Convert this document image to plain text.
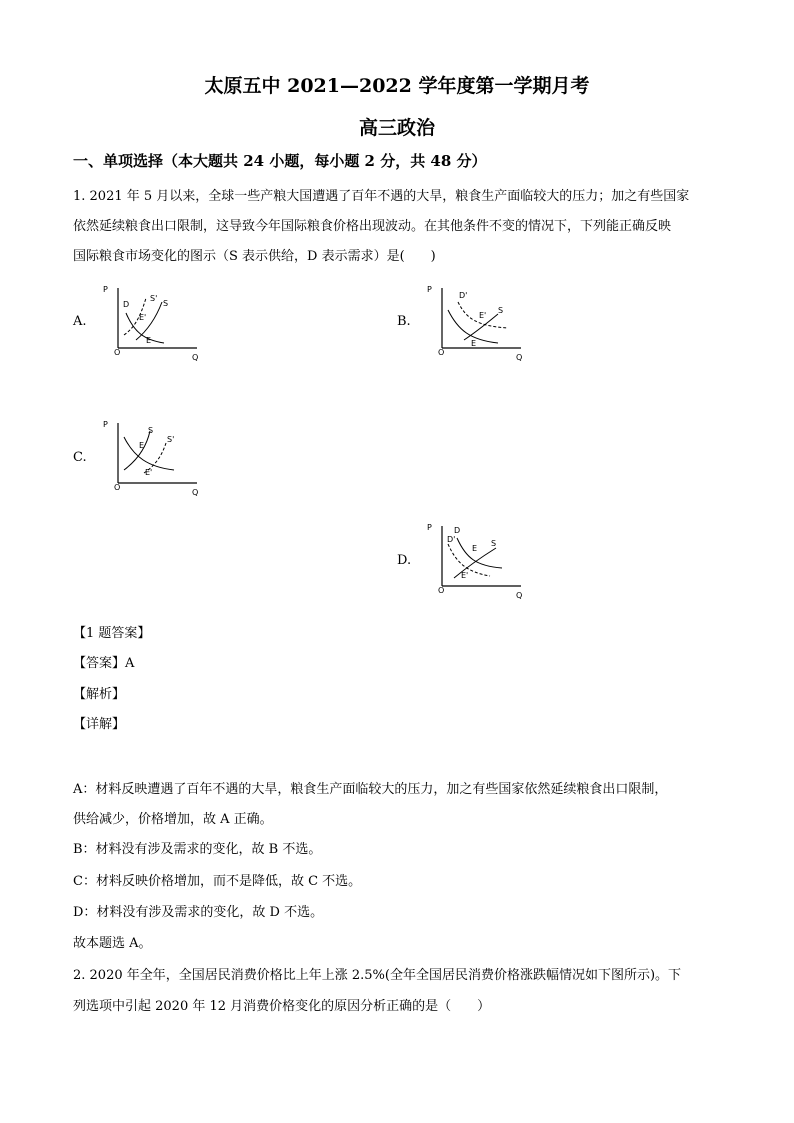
太原五中 2021—2022 学年度第一学期月考
高三政治
一、单项选择（本大题共 24 小题，每小题 2 分，共 48 分）
1. 2021 年 5 月以来，全球一些产粮大国遭遇了百年不遇的大旱，粮食生产面临较大的压力；加之有些国家
依然延续粮食出口限制，这导致今年国际粮食价格出现波动。在其他条件不变的情况下，下列能正确反映
国际粮食市场变化的图示（S 表示供给，D 表示需求）是(　　)
A.
P
O
Q
D
S'
S
E'
E
B.
P
O
Q
D'
S
E'
E
C.
P
O
Q
S
S'
E
E'
D.
P
O
Q
D
D'	S
E
E'
【1 题答案】
【答案】A
【解析】
【详解】
A：材料反映遭遇了百年不遇的大旱，粮食生产面临较大的压力，加之有些国家依然延续粮食出口限制，
供给减少，价格增加，故 A 正确。
B：材料没有涉及需求的变化，故 B 不选。
C：材料反映价格增加，而不是降低，故 C 不选。
D：材料没有涉及需求的变化，故 D 不选。
故本题选 A。
2. 2020 年全年，全国居民消费价格比上年上涨 2.5%(全年全国居民消费价格涨跌幅情况如下图所示)。下
列选项中引起 2020 年 12 月消费价格变化的原因分析正确的是（　　）
